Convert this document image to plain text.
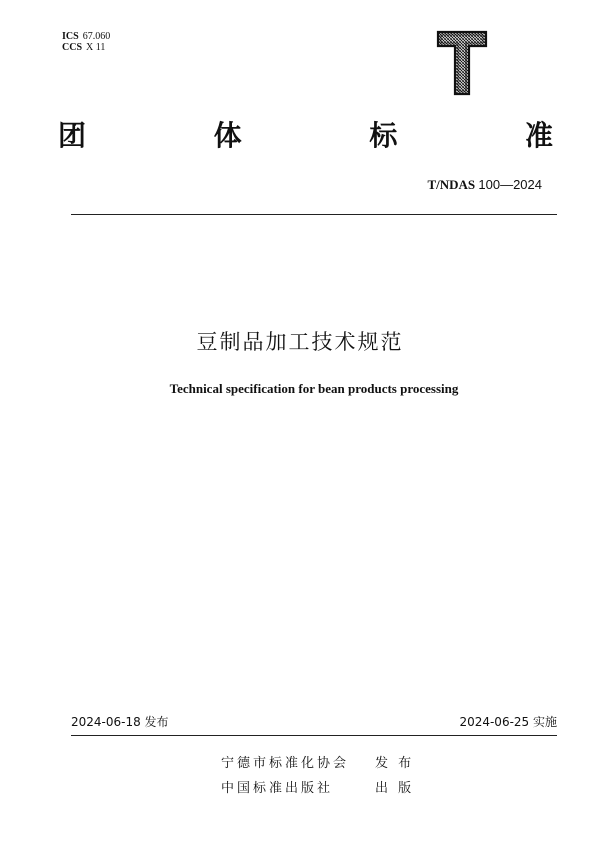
ICS 67.060
CCS X 11
团	体	标	准
T/NDAS 100—2024
豆制品加工技术规范
Technical specification for bean products processing
2024-06-18 发布	2024-06-25 实施
宁德市标准化协会	发 布
中国标准出版社	出 版
